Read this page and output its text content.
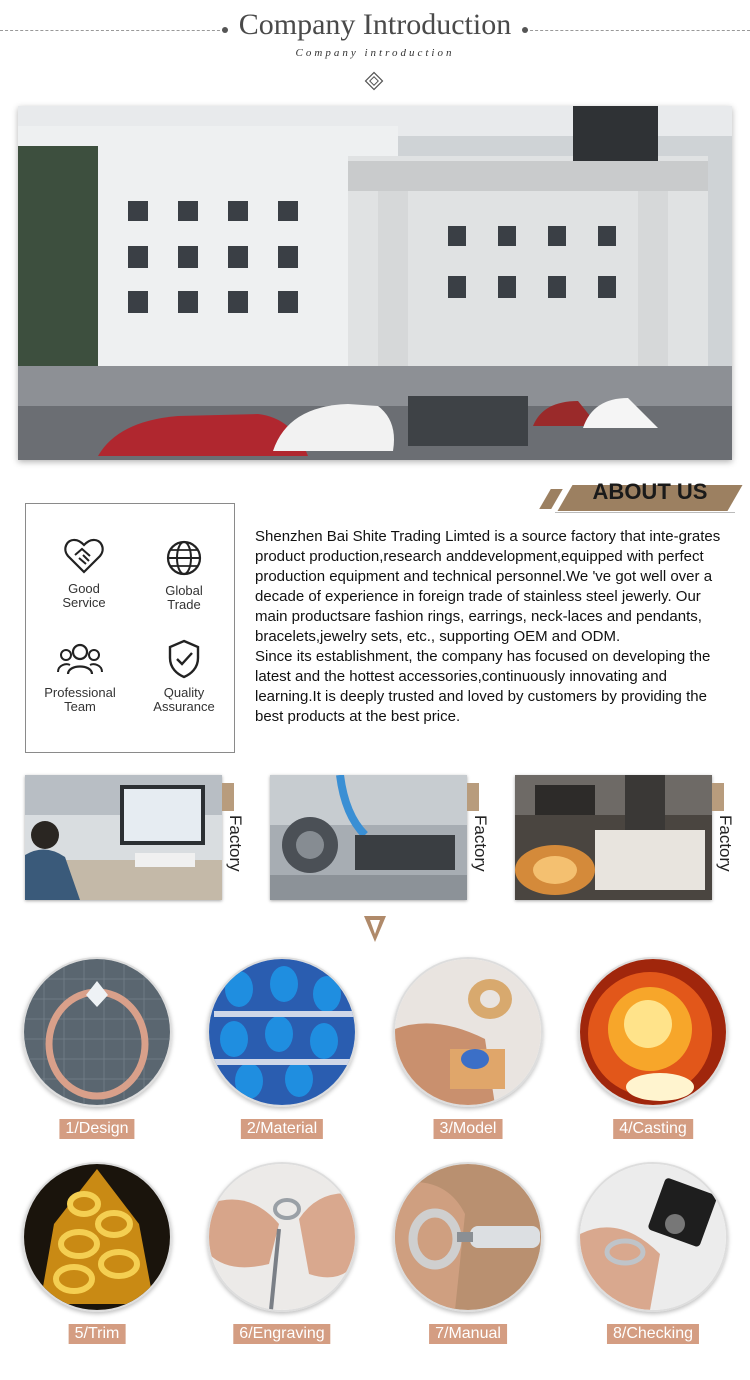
Company Introduction
Company introduction
ABOUT US
Good
Service
Global
Trade
Professional
Team
Quality
Assurance

Shenzhen Bai Shite Trading Limted is a source factory that inte-grates product production,research anddevelopment,equipped with perfect production equipment and technical personnel.We 've got well over a decade of experience in foreign trade of stainless steel jewerly. Our main productsare fashion rings, earrings, neck-laces and pendants, bracelets,jewelry sets, etc., supporting OEM and ODM.

Since its establishment, the company has focused on developing the latest and the hottest accessories,continuously innovating and learning.It is deeply trusted and loved by customers by providing the best products at the best price.

Factory	Factory	Factory
1/Design	2/Material	3/Model	4/Casting
5/Trim	6/Engraving	7/Manual	8/Checking
